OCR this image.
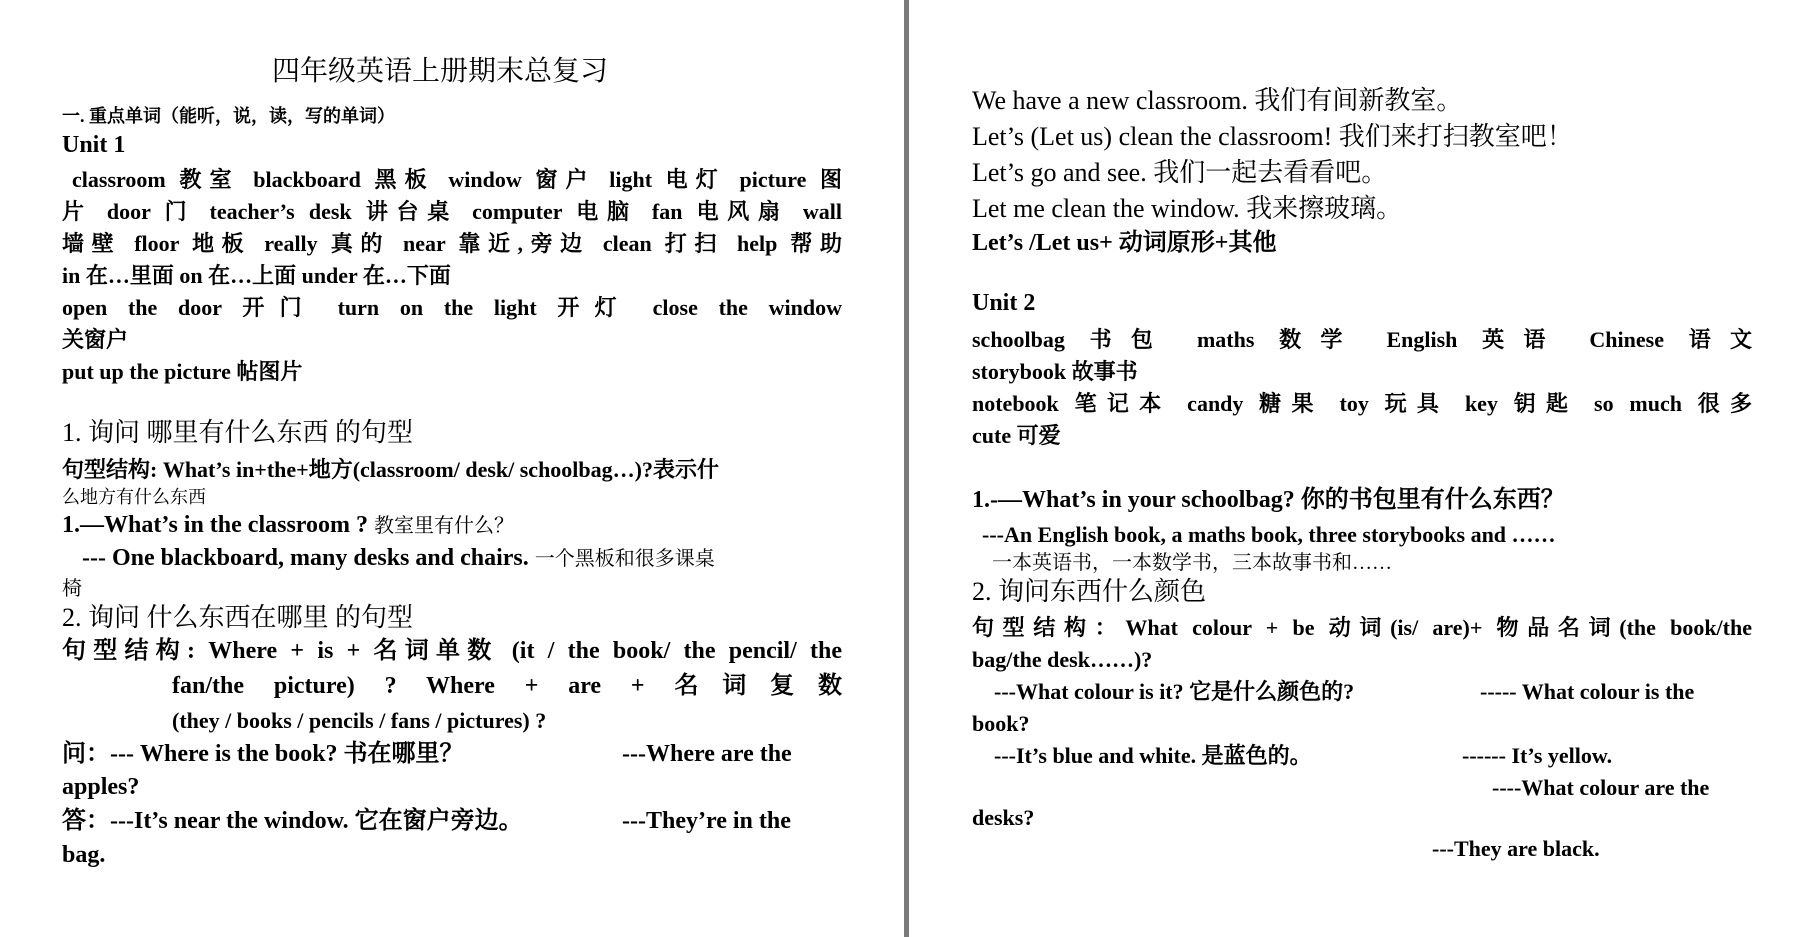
四年级英语上册期末总复习
一. 重点单词（能听，说，读，写的单词）
Unit 1
classroom 教室 blackboard 黑板 window 窗户 light 电灯 picture 图
片 door 门 teacher’s desk 讲台桌 computer 电脑 fan 电风扇 wall
墙壁 floor 地板 really 真的 near 靠近,旁边 clean 打扫 help 帮助
in 在…里面 on 在…上面 under 在…下面
open the door 开门 turn on the light 开灯 close the window
关窗户
put up the picture 帖图片
1. 询问 哪里有什么东西 的句型
句型结构: What’s in+the+地方(classroom/ desk/ schoolbag…)?表示什
么地方有什么东西
1.—What’s in the classroom ? 教室里有什么？
--- One blackboard, many desks and chairs. 一个黑板和很多课桌
椅
2. 询问 什么东西在哪里 的句型
句型结构: Where + is + 名词单数 (it / the book/ the pencil/ the
fan/the picture) ? Where + are + 名词复数
(they / books / pencils / fans / pictures) ?
问：--- Where is the book? 书在哪里？	---Where are the
apples?
答：---It’s near the window. 它在窗户旁边。	---They’re in the
bag.
We have a new classroom. 我们有间新教室。
Let’s (Let us) clean the classroom! 我们来打扫教室吧！
Let’s go and see. 我们一起去看看吧。
Let me clean the window. 我来擦玻璃。
Let’s /Let us+ 动词原形+其他
Unit 2
schoolbag 书包 maths 数学 English 英语 Chinese 语文
storybook 故事书
notebook 笔记本 candy 糖果 toy 玩具 key 钥匙 so much 很多
cute 可爱
1.-—What’s in your schoolbag? 你的书包里有什么东西？
---An English book, a maths book, three storybooks and ……
一本英语书，一本数学书，三本故事书和……
2. 询问东西什么颜色
句型结构：What colour + be 动词(is/ are)+ 物品名词(the book/the
bag/the desk……)?
---What colour is it? 它是什么颜色的?	----- What colour is the
book?
---It’s blue and white. 是蓝色的。	------ It’s yellow.
----What colour are the
desks?
---They are black.
